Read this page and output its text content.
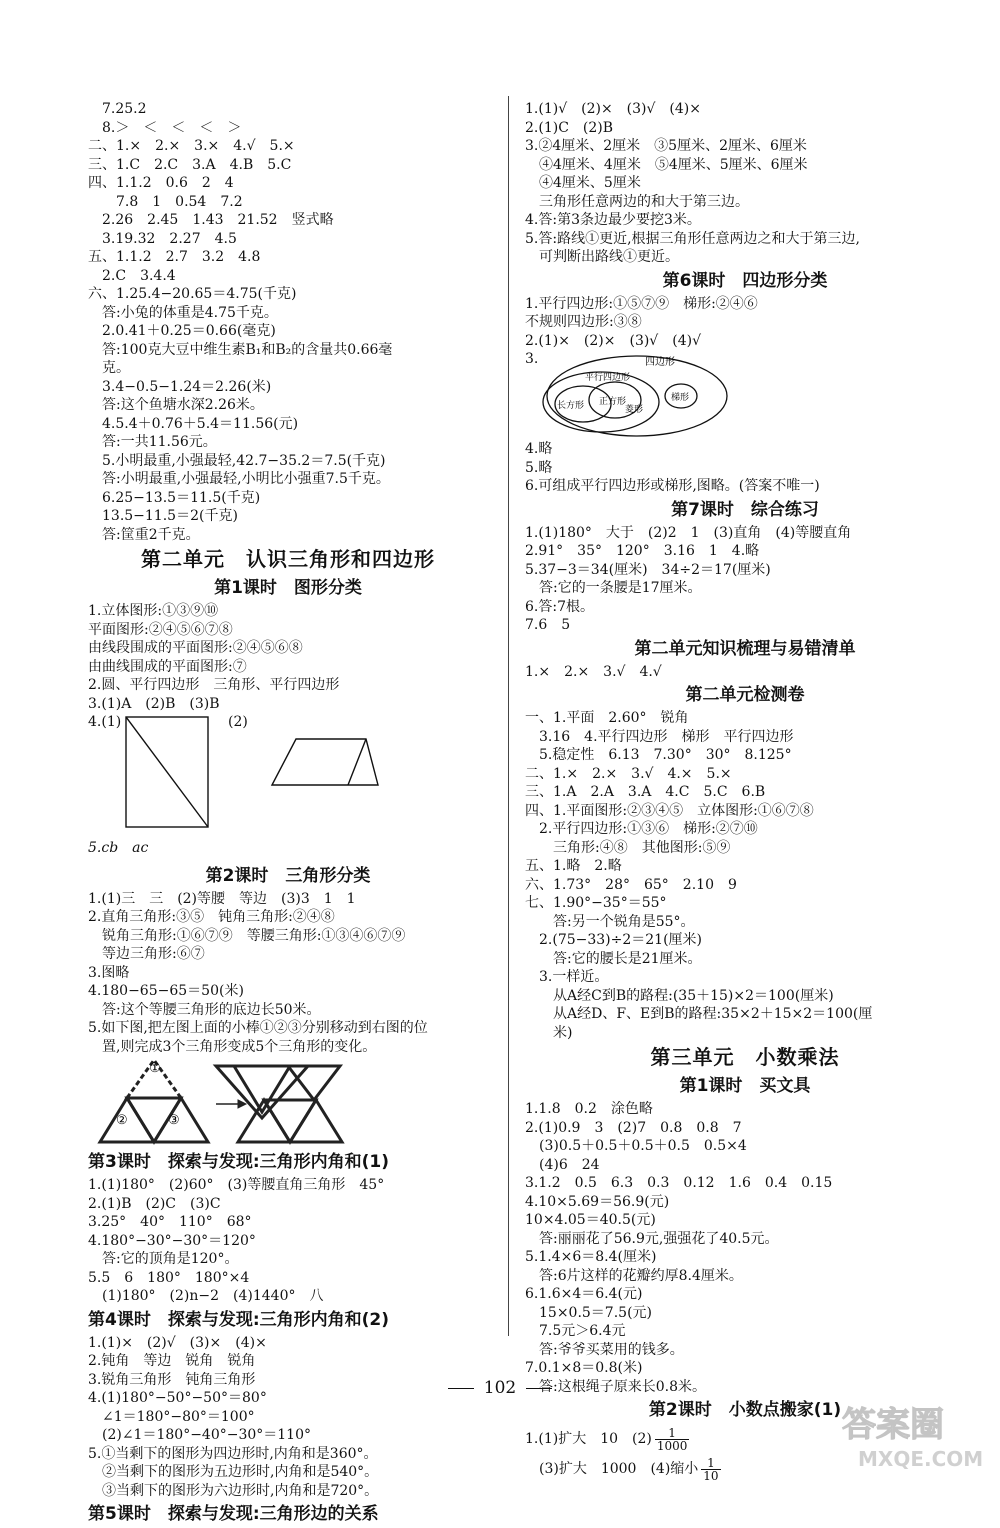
7.25.2
8.＞　＜　＜　＜　＞
二、1.×　2.×　3.×　4.√　5.×
三、1.C　2.C　3.A　4.B　5.C
四、1.1.2　0.6　2　4
7.8　1　0.54　7.2
2.26　2.45　1.43　21.52　竖式略
3.19.32　2.27　4.5
五、1.1.2　2.7　3.2　4.8
2.C　3.4.4
六、1.25.4−20.65＝4.75(千克)
答:小兔的体重是4.75千克。
2.0.41＋0.25＝0.66(毫克)
答:100克大豆中维生素B₁和B₂的含量共0.66毫
克。
3.4−0.5−1.24＝2.26(米)
答:这个鱼塘水深2.26米。
4.5.4＋0.76＋5.4＝11.56(元)
答:一共11.56元。
5.小明最重,小强最轻,42.7−35.2＝7.5(千克)
答:小明最重,小强最轻,小明比小强重7.5千克。
6.25−13.5＝11.5(千克)
13.5−11.5＝2(千克)
答:筐重2千克。
第二单元　认识三角形和四边形
第1课时　图形分类
1.立体图形:①③⑨⑩
平面图形:②④⑤⑥⑦⑧
由线段围成的平面图形:②④⑤⑥⑧
由曲线围成的平面图形:⑦
2.圆、平行四边形　三角形、平行四边形
3.(1)A　(2)B　(3)B
4.(1)	(2)
5.cb　ac
第2课时　三角形分类
1.(1)三　三　(2)等腰　等边　(3)3　1　1
2.直角三角形:③⑤　钝角三角形:②④⑧
锐角三角形:①⑥⑦⑨　等腰三角形:①③④⑥⑦⑨
等边三角形:⑥⑦
3.图略
4.180−65−65＝50(米)
答:这个等腰三角形的底边长50米。
5.如下图,把左图上面的小棒①②③分别移动到右图的位
置,则完成3个三角形变成5个三角形的变化。
①
②	③
第3课时　探索与发现:三角形内角和(1)
1.(1)180°　(2)60°　(3)等腰直角三角形　45°
2.(1)B　(2)C　(3)C
3.25°　40°　110°　68°
4.180°−30°−30°＝120°
答:它的顶角是120°。
5.5　6　180°　180°×4
(1)180°　(2)n−2　(4)1440°　八
第4课时　探索与发现:三角形内角和(2)
1.(1)×　(2)√　(3)×　(4)×
2.钝角　等边　锐角　锐角
3.锐角三角形　钝角三角形
4.(1)180°−50°−50°＝80°
∠1＝180°−80°＝100°
(2)∠1＝180°−40°−30°＝110°
5.①当剩下的图形为四边形时,内角和是360°。
②当剩下的图形为五边形时,内角和是540°。
③当剩下的图形为六边形时,内角和是720°。
第5课时　探索与发现:三角形边的关系
1.(1)√　(2)×　(3)√　(4)×
2.(1)C　(2)B
3.②4厘米、2厘米　③5厘米、2厘米、6厘米
④4厘米、4厘米　⑤4厘米、5厘米、6厘米
④4厘米、5厘米
三角形任意两边的和大于第三边。
4.答:第3条边最少要挖3米。
5.答:路线①更近,根据三角形任意两边之和大于第三边,
可判断出路线①更近。
第6课时　四边形分类
1.平行四边形:①⑤⑦⑨　梯形:②④⑥
不规则四边形:③⑧
2.(1)×　(2)×　(3)√　(4)√
3.	四边形
平行四边形
长方形 正方形
菱形
梯形
4.略
5.略
6.可组成平行四边形或梯形,图略。(答案不唯一)
第7课时　综合练习
1.(1)180°　大于　(2)2　1　(3)直角　(4)等腰直角
2.91°　35°　120°　3.16　1　4.略
5.37−3＝34(厘米)　34÷2＝17(厘米)
答:它的一条腰是17厘米。
6.答:7根。
7.6　5
第二单元知识梳理与易错清单
1.×　2.×　3.√　4.√
第二单元检测卷
一、1.平面　2.60°　锐角
3.16　4.平行四边形　梯形　平行四边形
5.稳定性　6.13　7.30°　30°　8.125°
二、1.×　2.×　3.√　4.×　5.×
三、1.A　2.A　3.A　4.C　5.C　6.B
四、1.平面图形:②③④⑤　立体图形:①⑥⑦⑧
2.平行四边形:①③⑥　梯形:②⑦⑩
三角形:④⑧　其他图形:⑤⑨
五、1.略　2.略
六、1.73°　28°　65°　2.10　9
七、1.90°−35°＝55°
答:另一个锐角是55°。
2.(75−33)÷2＝21(厘米)
答:它的腰长是21厘米。
3.一样近。
从A经C到B的路程:(35＋15)×2＝100(厘米)
从A经D、F、E到B的路程:35×2＋15×2＝100(厘
米)
第三单元　小数乘法
第1课时　买文具
1.1.8　0.2　涂色略
2.(1)0.9　3　(2)7　0.8　0.8　7
(3)0.5＋0.5＋0.5＋0.5　0.5×4
(4)6　24
3.1.2　0.5　6.3　0.3　0.12　1.6　0.4　0.15
4.10×5.69＝56.9(元)
10×4.05＝40.5(元)
答:丽丽花了56.9元,强强花了40.5元。
5.1.4×6＝8.4(厘米)
答:6片这样的花瓣约厚8.4厘米。
6.1.6×4＝6.4(元)
15×0.5＝7.5(元)
7.5元＞6.4元
答:爷爷买菜用的钱多。
7.0.1×8＝0.8(米)
答:这根绳子原来长0.8米。
第2课时　小数点搬家(1)
1.(1)扩大　10　$(2) \frac{1}{1000}$
(3)扩大　1000　(4)缩小 $\frac{1}{10}$
102
答案圈
MXQE.COM
